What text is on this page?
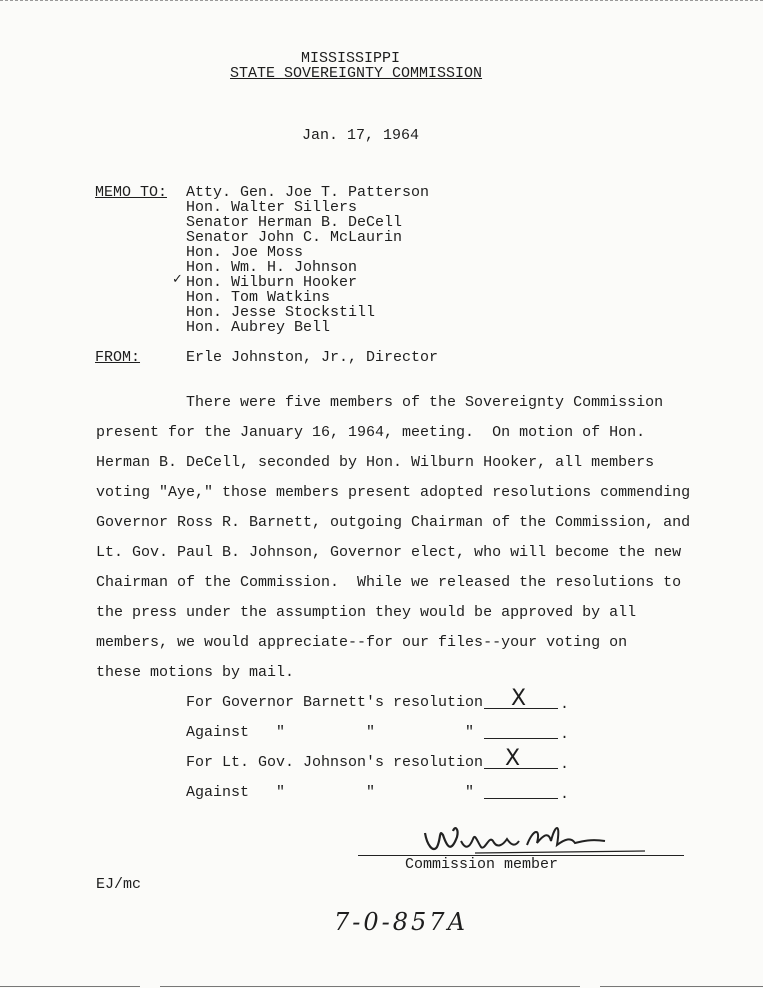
MISSISSIPPI
STATE SOVEREIGNTY COMMISSION
Jan. 17, 1964
MEMO TO: Atty. Gen. Joe T. Patterson
Hon. Walter Sillers
Senator Herman B. DeCell
Senator John C. McLaurin
Hon. Joe Moss
Hon. Wm. H. Johnson
✓ Hon. Wilburn Hooker
Hon. Tom Watkins
Hon. Jesse Stockstill
Hon. Aubrey Bell
FROM:	Erle Johnston, Jr., Director
There were five members of the Sovereignty Commission
present for the January 16, 1964, meeting.  On motion of Hon.
Herman B. DeCell, seconded by Hon. Wilburn Hooker, all members
voting "Aye," those members present adopted resolutions commending
Governor Ross R. Barnett, outgoing Chairman of the Commission, and
Lt. Gov. Paul B. Johnson, Governor elect, who will become the new
Chairman of the Commission.  While we released the resolutions to
the press under the assumption they would be approved by all
members, we would appreciate--for our files--your voting on
these motions by mail.
For Governor Barnett's resolution X .
Against   "         "          "	.
For Lt. Gov. Johnson's resolution X	.
Against   "         "          "	.
Commission member
EJ/mc
7-0-857A
